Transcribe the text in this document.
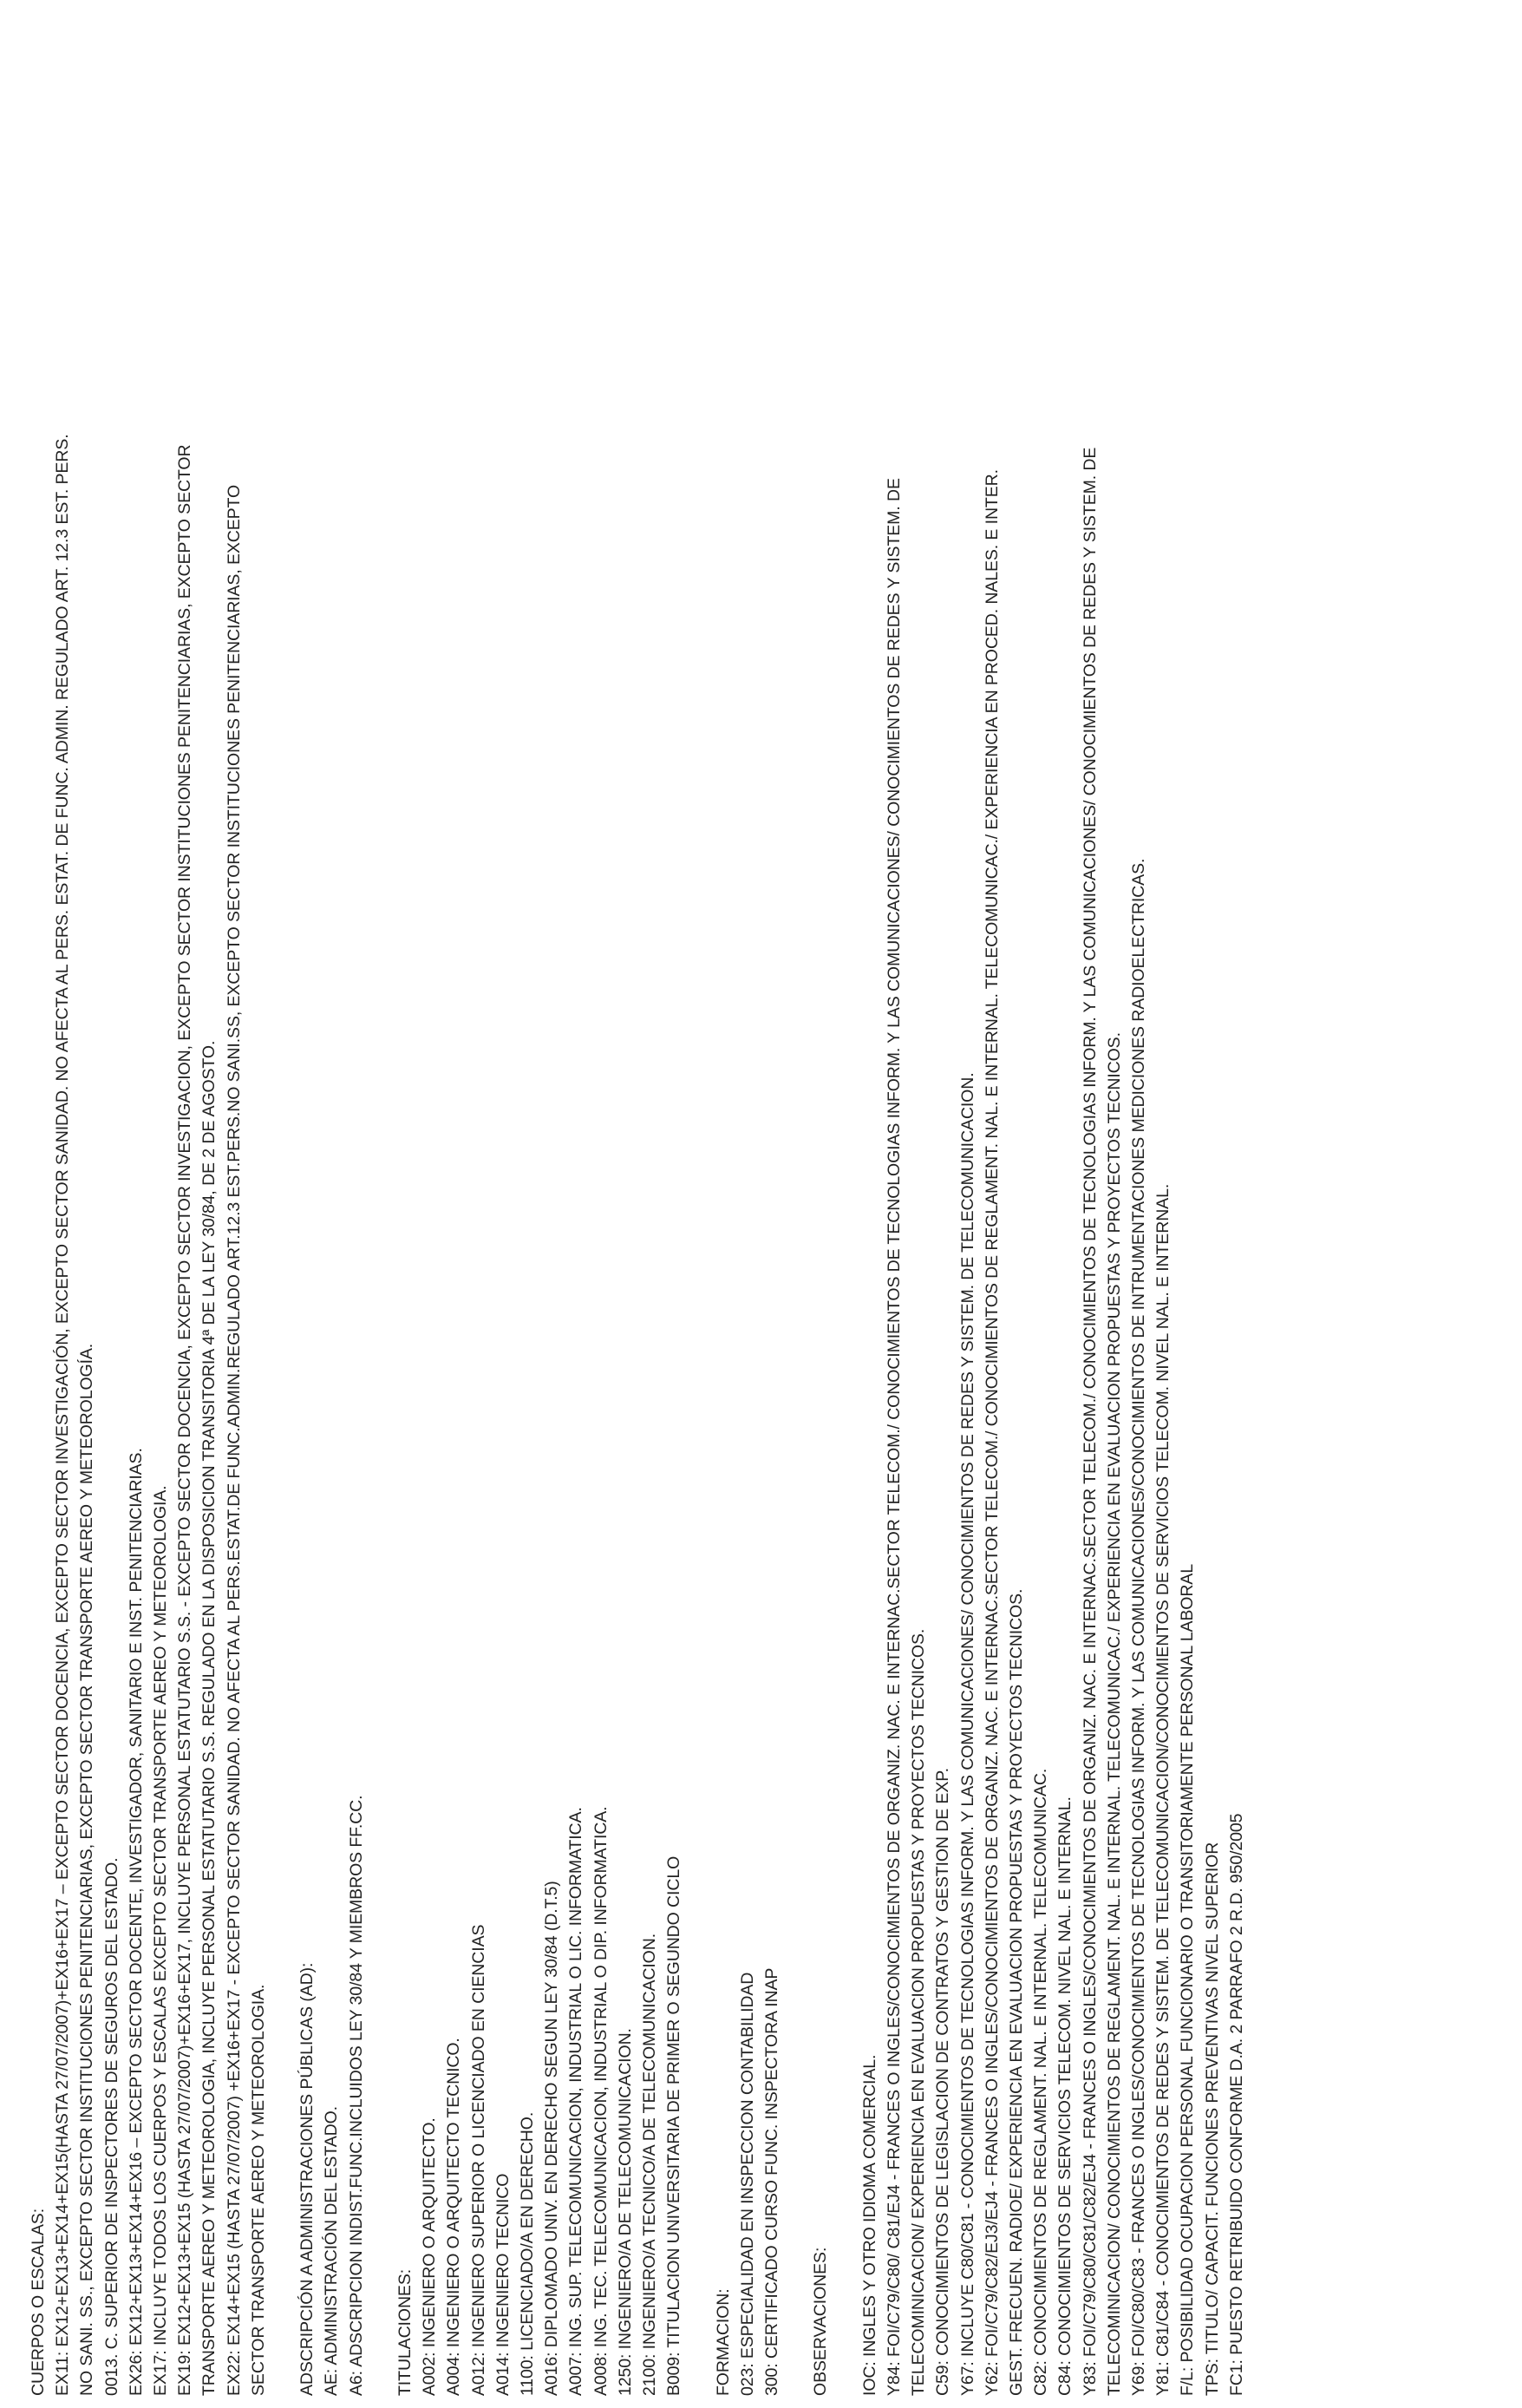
CUERPOS O ESCALAS: EX11: EX12+EX13+EX14+EX15(HASTA 27/07/2007)+EX16+EX17 – EXCEPTO SECTOR DOCENCIA, EXCEPTO SECTOR INVESTIGACIÓN, EXCEPTO SECTOR SANIDAD. NO AFECTA AL PERS. ESTAT. DE FUNC. ADMIN. REGULADO ART. 12.3 EST. PERS. NO SANI. SS., EXCEPTO SECTOR INSTITUCIONES PENITENCIARIAS, EXCEPTO SECTOR TRANSPORTE AEREO Y METEOROLOGÍA. 0013. C. SUPERIOR DE INSPECTORES DE SEGUROS DEL ESTADO. EX26: EX12+EX13+EX14+EX16 – EXCEPTO SECTOR DOCENTE, INVESTIGADOR, SANITARIO E INST. PENITENCIARIAS. EX17: INCLUYE TODOS LOS CUERPOS Y ESCALAS EXCEPTO SECTOR TRANSPORTE AEREO Y METEOROLOGIA. EX19: EX12+EX13+EX15 (HASTA 27/07/2007)+EX16+EX17, INCLUYE PERSONAL ESTATUTARIO S.S. - EXCEPTO SECTOR DOCENCIA, EXCEPTO SECTOR INVESTIGACION, EXCEPTO SECTOR INSTITUCIONES PENITENCIARIAS, EXCEPTO SECTOR TRANSPORTE AEREO Y METEOROLOGIA, INCLUYE PERSONAL ESTATUTARIO S.S. REGULADO EN LA DISPOSICION TRANSITORIA 4ª DE LA LEY 30/84, DE 2 DE AGOSTO. EX22: EX14+EX15 (HASTA 27/07/2007) +EX16+EX17 - EXCEPTO SECTOR SANIDAD. NO AFECTA AL PERS.ESTAT.DE FUNC.ADMIN.REGULADO ART.12.3 EST.PERS.NO SANI.SS, EXCEPTO SECTOR INSTITUCIONES PENITENCIARIAS, EXCEPTO SECTOR TRANSPORTE AEREO Y METEOROLOGIA. ADSCRIPCIÓN A ADMINISTRACIONES PÚBLICAS (AD): AE: ADMINISTRACIÓN DEL ESTADO. A6: ADSCRIPCION INDIST.FUNC.INCLUIDOS LEY 30/84 Y MIEMBROS FF.CC. TITULACIONES: A002: INGENIERO O ARQUITECTO. A004: INGENIERO O ARQUITECTO TECNICO. A012: INGENIERO SUPERIOR O LICENCIADO EN CIENCIAS A014: INGENIERO TECNICO 1100: LICENCIADO/A EN DERECHO. A016: DIPLOMADO UNIV. EN DERECHO SEGUN LEY 30/84 (D.T.5) A007: ING. SUP. TELECOMUNICACION, INDUSTRIAL O LIC. INFORMATICA. A008: ING. TEC. TELECOMUNICACION, INDUSTRIAL O DIP. INFORMATICA. 1250: INGENIERO/A DE TELECOMUNICACION. 2100: INGENIERO/A TECNICO/A DE TELECOMUNICACION. B009: TITULACION UNIVERSITARIA DE PRIMER O SEGUNDO CICLO FORMACION: 023: ESPECIALIDAD EN INSPECCION CONTABILIDAD 300: CERTIFICADO CURSO FUNC. INSPECTORA INAP OBSERVACIONES: IOC: INGLES Y OTRO IDIOMA COMERCIAL. Y84: FOI/C79/C80/ C81/EJ4 - FRANCES O INGLES/CONOCIMIENTOS DE ORGANIZ. NAC. E INTERNAC.SECTOR TELECOM./ CONOCIMIENTOS DE TECNOLOGIAS INFORM. Y LAS COMUNICACIONES/ CONOCIMIENTOS DE REDES Y SISTEM. DE TELECOMINICACION/ EXPERIENCIA EN EVALUACION PROPUESTAS Y PROYECTOS TECNICOS. C59: CONOCIMIENTOS DE LEGISLACION DE CONTRATOS Y GESTION DE EXP. Y67: INCLUYE C80/C81 - CONOCIMIENTOS DE TECNOLOGIAS INFORM. Y LAS COMUNICACIONES/ CONOCIMIENTOS DE REDES Y SISTEM. DE TELECOMUNICACION. Y62: FOI/C79/C82/EJ3/EJ4 - FRANCES O INGLES/CONOCIMIENTOS DE ORGANIZ. NAC. E INTERNAC.SECTOR TELECOM./ CONOCIMIENTOS DE REGLAMENT. NAL. E INTERNAL. TELECOMUNICAC./ EXPERIENCIA EN PROCED. NALES. E INTER. GEST. FRECUEN. RADIOE/ EXPERIENCIA EN EVALUACION PROPUESTAS Y PROYECTOS TECNICOS. C82: CONOCIMIENTOS DE REGLAMENT. NAL. E INTERNAL. TELECOMUNICAC. C84: CONOCIMIENTOS DE SERVICIOS TELECOM. NIVEL NAL. E INTERNAL. Y83: FOI/C79/C80/C81/C82/EJ4 - FRANCES O INGLES/CONOCIMIENTOS DE ORGANIZ. NAC. E INTERNAC.SECTOR TELECOM./ CONOCIMIENTOS DE TECNOLOGIAS INFORM. Y LAS COMUNICACIONES/ CONOCIMIENTOS DE REDES Y SISTEM. DE TELECOMINICACION/ CONOCIMIENTOS DE REGLAMENT. NAL. E INTERNAL. TELECOMUNICAC./ EXPERIENCIA EN EVALUACION PROPUESTAS Y PROYECTOS TECNICOS. Y69: FOI/C80/C83 - FRANCES O INGLES/CONOCIMIENTOS DE TECNOLOGIAS INFORM. Y LAS COMUNICACIONES/CONOCIMIENTOS DE INTRUMENTACIONES MEDICIONES RADIOELECTRICAS. Y81: C81/C84 - CONOCIMIENTOS DE REDES Y SISTEM. DE TELECOMUNICACION/CONOCIMIENTOS DE SERVICIOS TELECOM. NIVEL NAL. E INTERNAL. F/L: POSIBILIDAD OCUPACION PERSONAL FUNCIONARIO O TRANSITORIAMENTE PERSONAL LABORAL TPS: TITULO/ CAPACIT. FUNCIONES PREVENTIVAS NIVEL SUPERIOR FC1: PUESTO RETRIBUIDO CONFORME D.A. 2 PARRAFO 2 R.D. 950/2005
